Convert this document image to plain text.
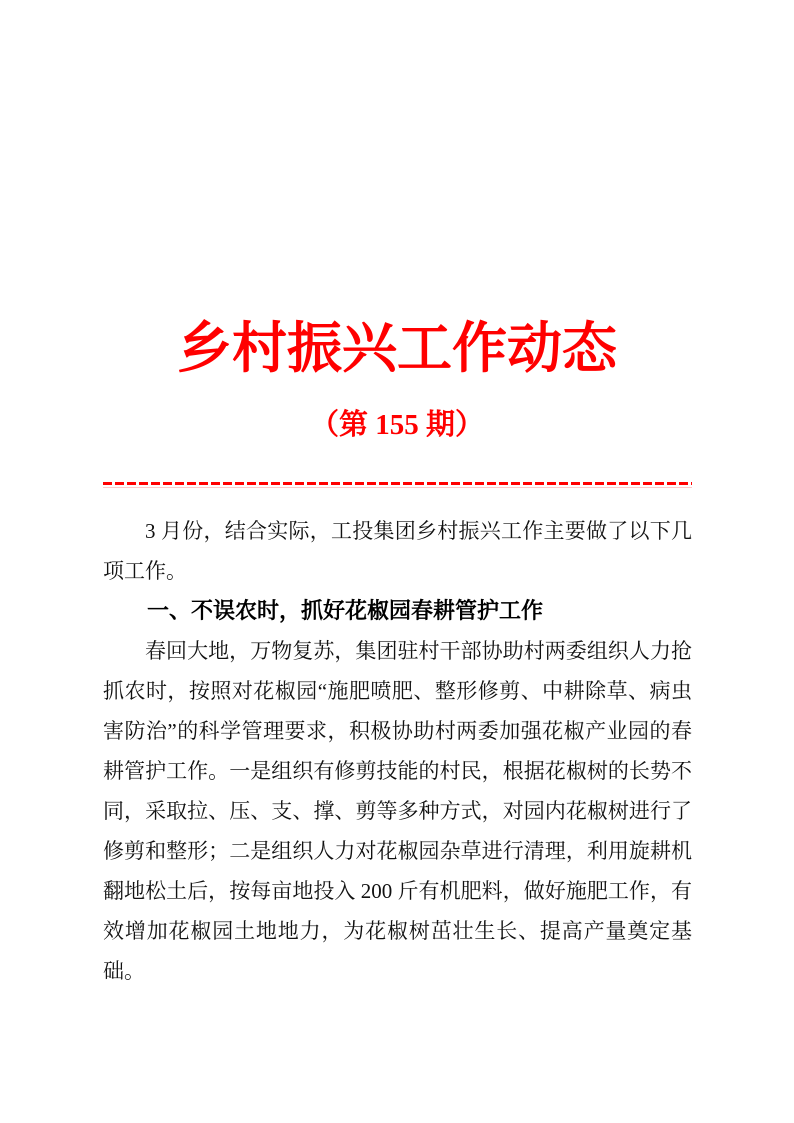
乡村振兴工作动态
（第 155 期）

3 月份，结合实际，工投集团乡村振兴工作主要做了以下几项工作。

一、不误农时，抓好花椒园春耕管护工作

春回大地，万物复苏，集团驻村干部协助村两委组织人力抢抓农时，按照对花椒园“施肥喷肥、整形修剪、中耕除草、病虫害防治”的科学管理要求，积极协助村两委加强花椒产业园的春耕管护工作。一是组织有修剪技能的村民，根据花椒树的长势不同，采取拉、压、支、撑、剪等多种方式，对园内花椒树进行了修剪和整形；二是组织人力对花椒园杂草进行清理，利用旋耕机翻地松土后，按每亩地投入 200 斤有机肥料，做好施肥工作，有效增加花椒园土地地力，为花椒树茁壮生长、提高产量奠定基础。
